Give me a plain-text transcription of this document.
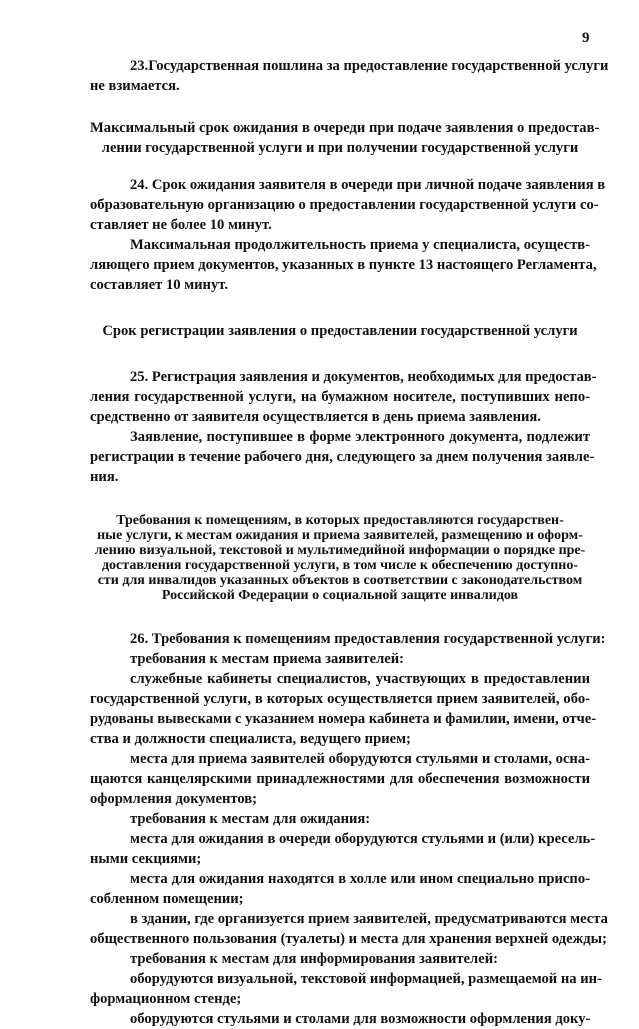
9
23.Государственная пошлина за предоставление государственной услуги
не взимается.
Максимальный срок ожидания в очереди при подаче заявления о предостав-
лении государственной услуги и при получении государственной услуги
24. Срок ожидания заявителя в очереди при личной подаче заявления в
образовательную организацию о предоставлении государственной услуги со-
ставляет не более 10 минут.
Максимальная продолжительность приема у специалиста, осуществ-
ляющего прием документов, указанных в пункте 13 настоящего Регламента,
составляет 10 минут.
Срок регистрации заявления о предоставлении государственной услуги
25. Регистрация заявления и документов, необходимых для предостав-
ления государственной услуги, на бумажном носителе, поступивших непо-
средственно от заявителя осуществляется в день приема заявления.
Заявление, поступившее в форме электронного документа, подлежит
регистрации в течение рабочего дня, следующего за днем получения заявле-
ния.
Требования к помещениям, в которых предоставляются государствен-
ные услуги, к местам ожидания и приема заявителей, размещению и оформ-
лению визуальной, текстовой и мультимедийной информации о порядке пре-
доставления государственной услуги, в том числе к обеспечению доступно-
сти для инвалидов указанных объектов в соответствии с законодательством
Российской Федерации о социальной защите инвалидов
26. Требования к помещениям предоставления государственной услуги:
требования к местам приема заявителей:
служебные кабинеты специалистов, участвующих в предоставлении
государственной услуги, в которых осуществляется прием заявителей, обо-
рудованы вывесками с указанием номера кабинета и фамилии, имени, отче-
ства и должности специалиста, ведущего прием;
места для приема заявителей оборудуются стульями и столами, осна-
щаются канцелярскими принадлежностями для обеспечения возможности
оформления документов;
требования к местам для ожидания:
места для ожидания в очереди оборудуются стульями и (или) кресель-
ными секциями;
места для ожидания находятся в холле или ином специально приспо-
собленном помещении;
в здании, где организуется прием заявителей, предусматриваются места
общественного пользования (туалеты) и места для хранения верхней одежды;
требования к местам для информирования заявителей:
оборудуются визуальной, текстовой информацией, размещаемой на ин-
формационном стенде;
оборудуются стульями и столами для возможности оформления доку-
